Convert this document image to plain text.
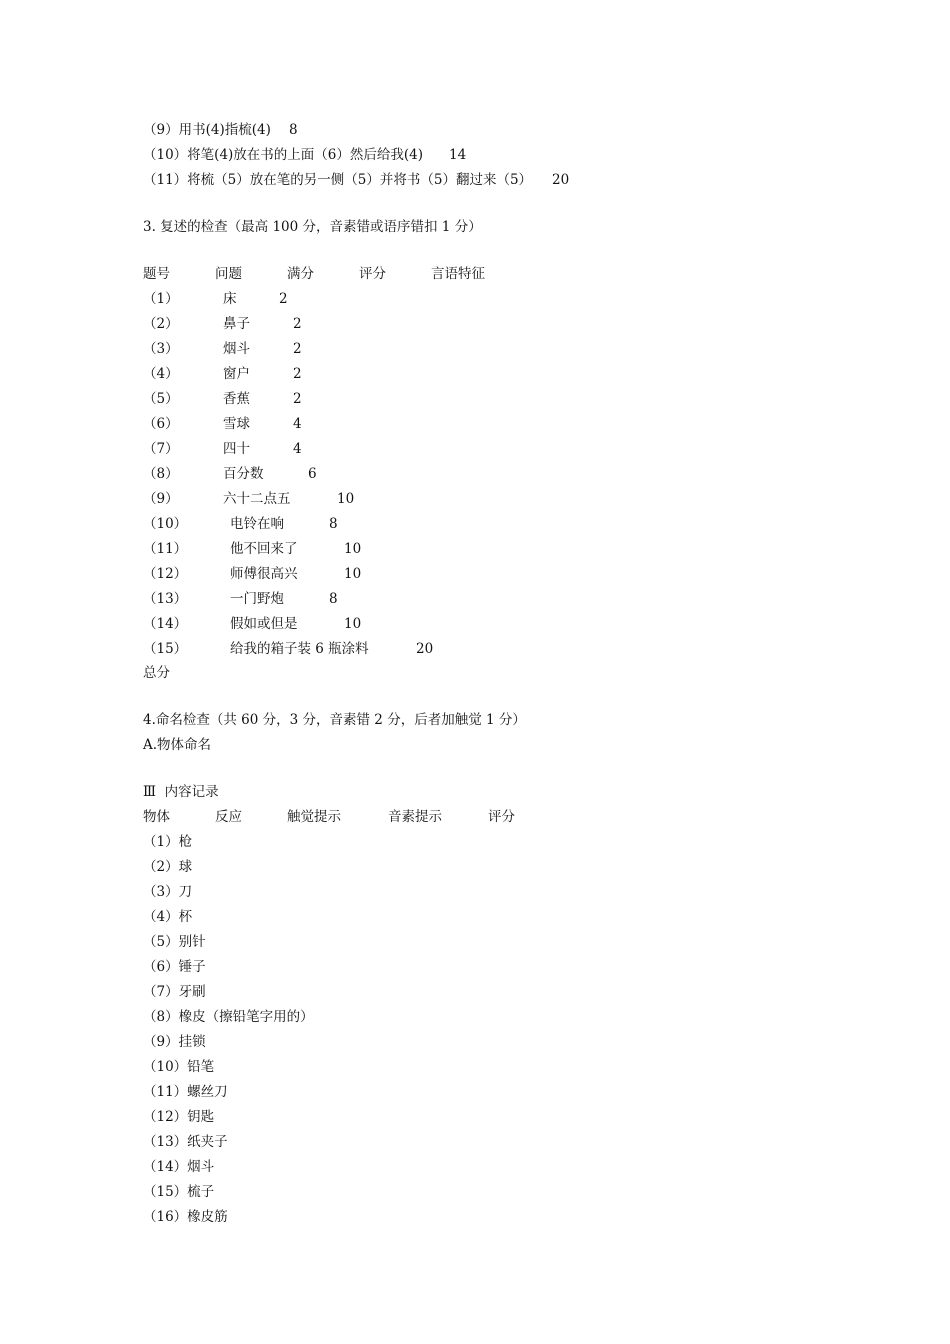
（9）用书(4)指梳(4) 8
（10）将笔(4)放在书的上面（6）然后给我(4) 14
（11）将梳（5）放在笔的另一侧（5）并将书（5）翻过来（5） 20
3. 复述的检查（最高 100 分，音素错或语序错扣 1 分）
题号	问题	满分	评分	言语特征
（1）	床	2
（2）	鼻子	2
（3）	烟斗	2
（4）	窗户	2
（5）	香蕉	2
（6）	雪球	4
（7）	四十	4
（8）	百分数	6
（9）	六十二点五	10
（10）	电铃在响	8
（11）	他不回来了	10
（12）	师傅很高兴	10
（13）	一门野炮	8
（14）	假如或但是	10
（15）	给我的箱子装 6 瓶涂料	20
总分
4.命名检查（共 60 分，3 分，音素错 2 分，后者加触觉 1 分）
A.物体命名
Ⅲ  内容记录
物体	反应	触觉提示	音素提示	评分
（1）枪
（2）球
（3）刀
（4）杯
（5）别针
（6）锤子
（7）牙刷
（8）橡皮（擦铅笔字用的）
（9）挂锁
（10）铅笔
（11）螺丝刀
（12）钥匙
（13）纸夹子
（14）烟斗
（15）梳子
（16）橡皮筋
